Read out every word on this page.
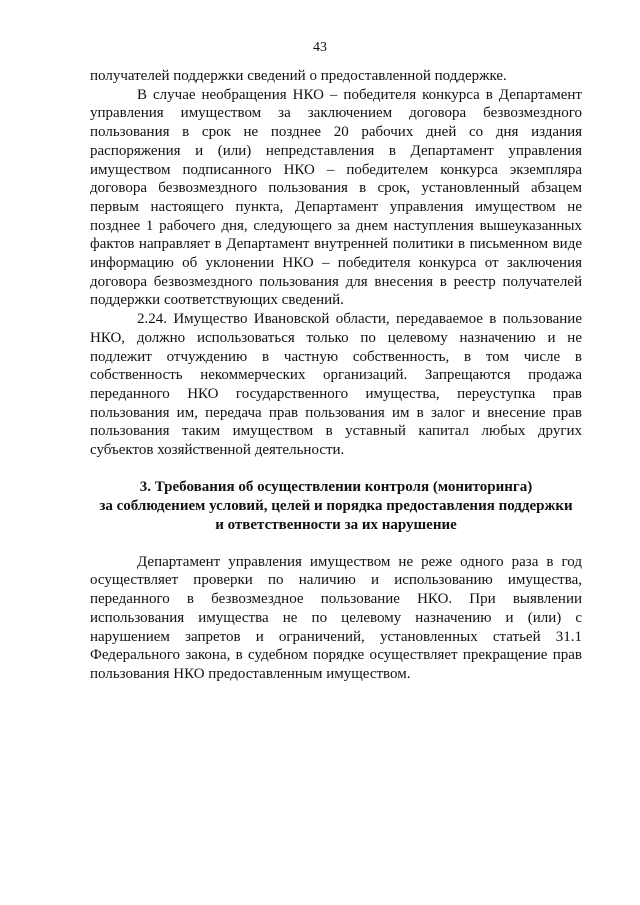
43

получателей поддержки сведений о предоставленной поддержке.

В случае необращения НКО – победителя конкурса в Департамент управления имуществом за заключением договора безвозмездного пользования в срок не позднее 20 рабочих дней со дня издания распоряжения и (или) непредставления в Департамент управления имуществом подписанного НКО – победителем конкурса экземпляра договора безвозмездного пользования в срок, установленный абзацем первым настоящего пункта, Департамент управления имуществом не позднее 1 рабочего дня, следующего за днем наступления вышеуказанных фактов направляет в Департамент внутренней политики в письменном виде информацию об уклонении НКО – победителя конкурса от заключения договора безвозмездного пользования для внесения в реестр получателей поддержки соответствующих сведений.

2.24. Имущество Ивановской области, передаваемое в пользование НКО, должно использоваться только по целевому назначению и не подлежит отчуждению в частную собственность, в том числе в собственность некоммерческих организаций. Запрещаются продажа переданного НКО государственного имущества, переуступка прав пользования им, передача прав пользования им в залог и внесение прав пользования таким имуществом в уставный капитал любых других субъектов хозяйственной деятельности.

3. Требования об осуществлении контроля (мониторинга)
за соблюдением условий, целей и порядка предоставления поддержки
и ответственности за их нарушение

Департамент управления имуществом не реже одного раза в год осуществляет проверки по наличию и использованию имущества, переданного в безвозмездное пользование НКО. При выявлении использования имущества не по целевому назначению и (или) с нарушением запретов и ограничений, установленных статьей 31.1 Федерального закона, в судебном порядке осуществляет прекращение прав пользования НКО предоставленным имуществом.
